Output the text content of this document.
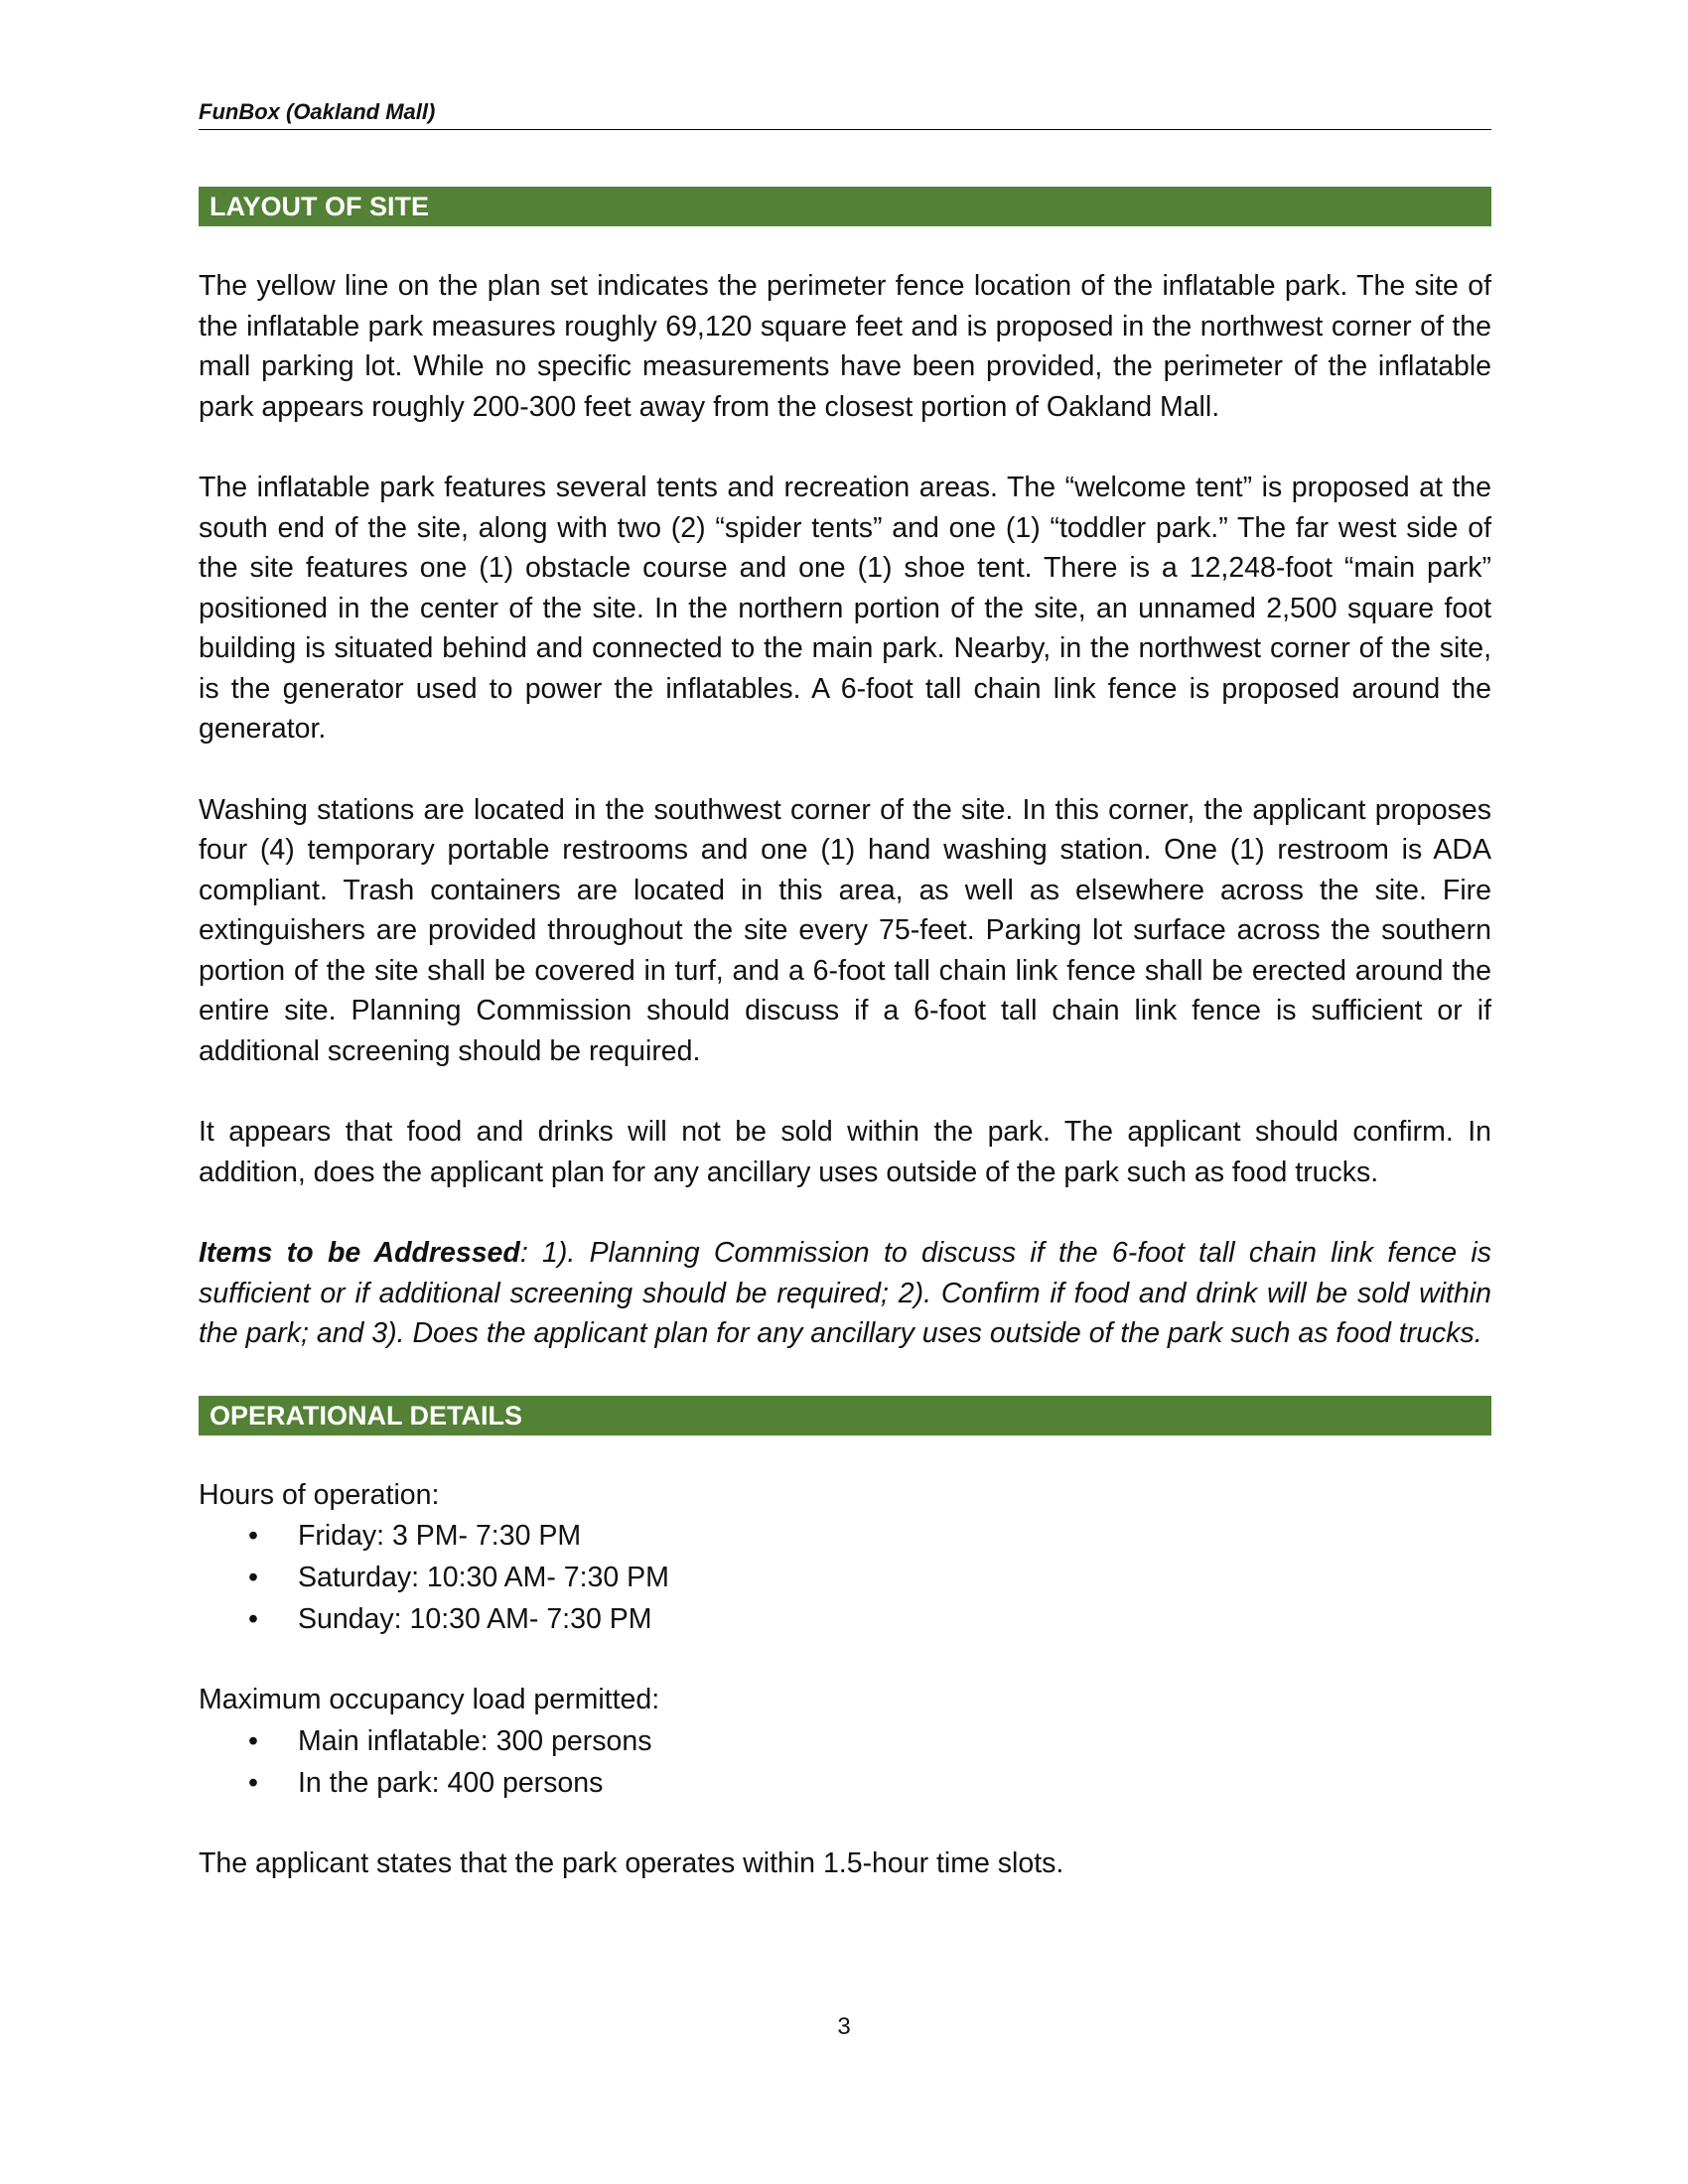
FunBox (Oakland Mall)
LAYOUT OF SITE

The yellow line on the plan set indicates the perimeter fence location of the inflatable park. The site of the inflatable park measures roughly 69,120 square feet and is proposed in the northwest corner of the mall parking lot. While no specific measurements have been provided, the perimeter of the inflatable park appears roughly 200-300 feet away from the closest portion of Oakland Mall.

The inflatable park features several tents and recreation areas. The “welcome tent” is proposed at the south end of the site, along with two (2) “spider tents” and one (1) “toddler park.” The far west side of the site features one (1) obstacle course and one (1) shoe tent. There is a 12,248-foot “main park” positioned in the center of the site. In the northern portion of the site, an unnamed 2,500 square foot building is situated behind and connected to the main park. Nearby, in the northwest corner of the site, is the generator used to power the inflatables. A 6-foot tall chain link fence is proposed around the generator.

Washing stations are located in the southwest corner of the site. In this corner, the applicant proposes four (4) temporary portable restrooms and one (1) hand washing station. One (1) restroom is ADA compliant. Trash containers are located in this area, as well as elsewhere across the site. Fire extinguishers are provided throughout the site every 75-feet. Parking lot surface across the southern portion of the site shall be covered in turf, and a 6-foot tall chain link fence shall be erected around the entire site. Planning Commission should discuss if a 6-foot tall chain link fence is sufficient or if additional screening should be required.

It appears that food and drinks will not be sold within the park. The applicant should confirm. In addition, does the applicant plan for any ancillary uses outside of the park such as food trucks.

Items to be Addressed: 1). Planning Commission to discuss if the 6-foot tall chain link fence is sufficient or if additional screening should be required; 2). Confirm if food and drink will be sold within the park; and 3). Does the applicant plan for any ancillary uses outside of the park such as food trucks.

OPERATIONAL DETAILS

Hours of operation:

• Friday: 3 PM- 7:30 PM
• Saturday: 10:30 AM- 7:30 PM
• Sunday: 10:30 AM- 7:30 PM

Maximum occupancy load permitted:

• Main inflatable: 300 persons
• In the park: 400 persons

The applicant states that the park operates within 1.5-hour time slots.

3
